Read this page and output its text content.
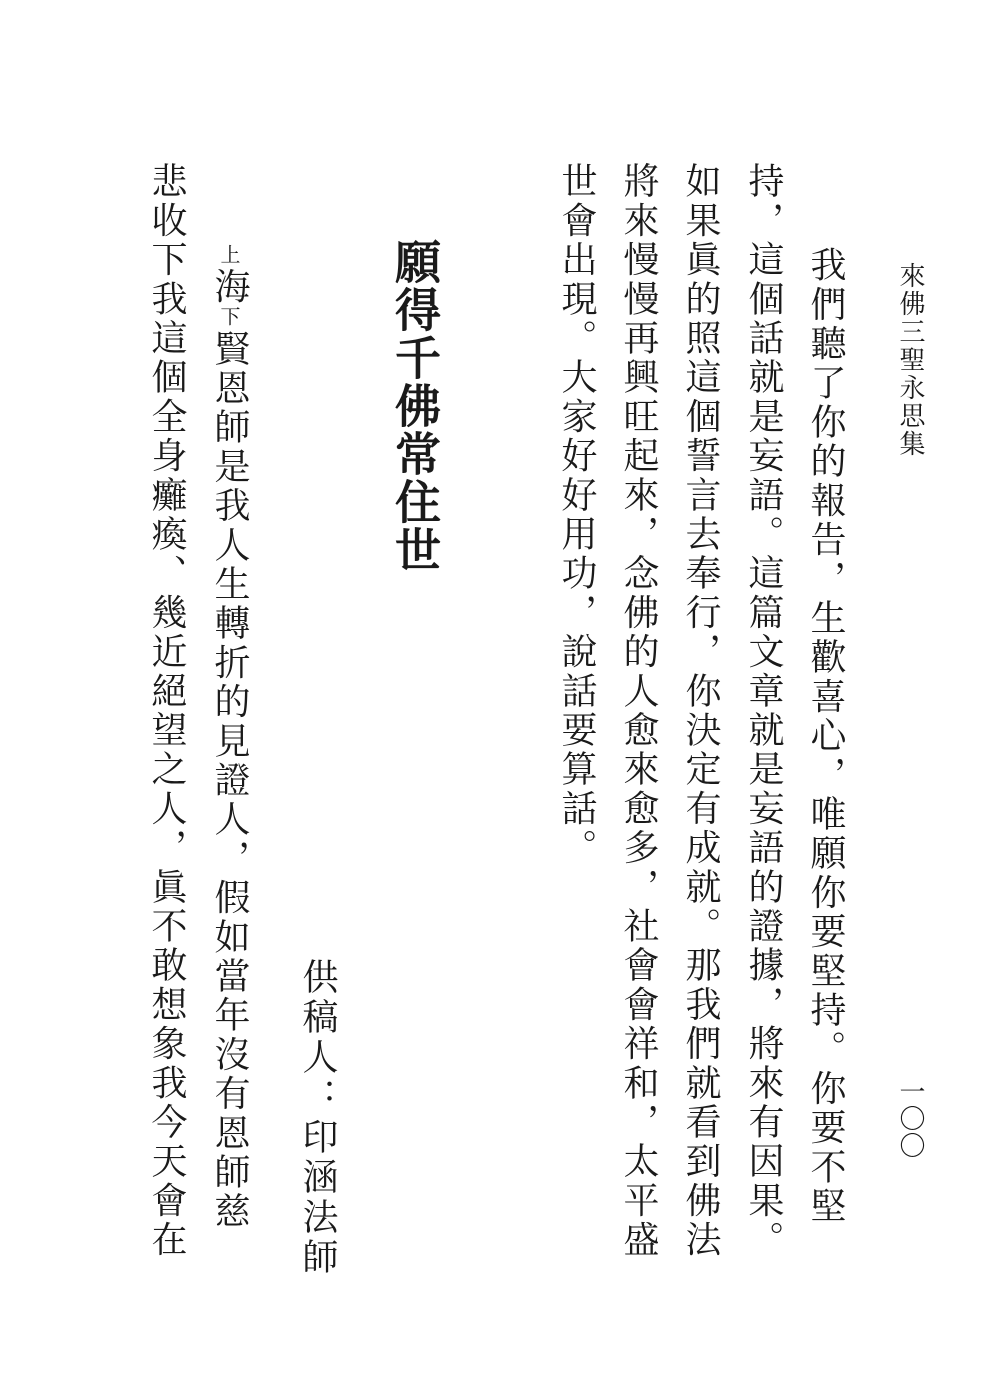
來佛三聖永思集
一〇〇
我們聽了你的報告，生歡喜心，唯願你要堅持。你要不堅
持，這個話就是妄語。這篇文章就是妄語的證據，將來有因果。
如果眞的照這個誓言去奉行，你決定有成就。那我們就看到佛法
將來慢慢再興旺起來，念佛的人愈來愈多，社會會祥和，太平盛
世會出現。大家好好用功，說話要算話。
願得千佛常住世
供稿人：印涵法師
上海下賢恩師是我人生轉折的見證人，假如當年沒有恩師慈
悲收下我這個全身癱瘓、幾近絕望之人，眞不敢想象我今天會在
